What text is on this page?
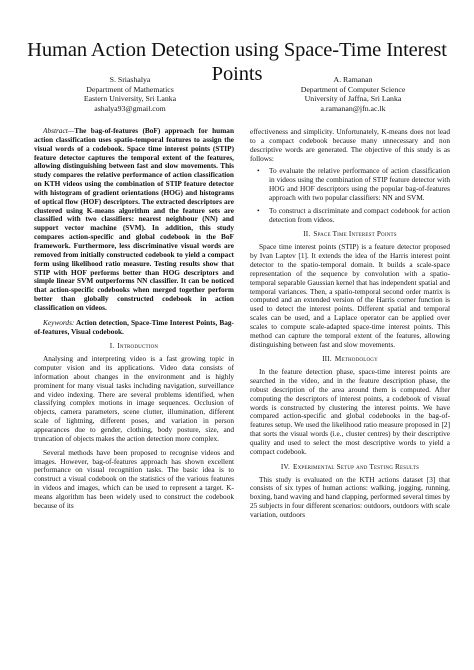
Human Action Detection using Space-Time Interest Points
S. Sriashalya
Department of Mathematics
Eastern University, Sri Lanka
ashalya93@gmail.com
A. Ramanan
Department of Computer Science
University of Jaffna, Sri Lanka
a.ramanan@jfn.ac.lk

Abstract—The bag-of-features (BoF) approach for human action classification uses spatio-temporal features to assign the visual words of a codebook. Space time interest points (STIP) feature detector captures the temporal extent of the features, allowing distinguishing between fast and slow movements. This study compares the relative performance of action classification on KTH videos using the combination of STIP feature detector with histogram of gradient orientations (HOG) and histograms of optical flow (HOF) descriptors. The extracted descriptors are clustered using K-means algorithm and the feature sets are classified with two classifiers: nearest neighbour (NN) and support vector machine (SVM). In addition, this study compares action-specific and global codebook in the BoF framework. Furthermore, less discriminative visual words are removed from initially constructed codebook to yield a compact form using likelihood ratio measure. Testing results show that STIP with HOF performs better than HOG descriptors and simple linear SVM outperforms NN classifier. It can be noticed that action-specific codebooks when merged together perform better than globally constructed codebook in action classification on videos.

Keywords: Action detection, Space-Time Interest Points, Bag-of-features, Visual codebook.

I. Introduction

Analysing and interpreting video is a fast growing topic in computer vision and its applications. Video data consists of information about changes in the environment and is highly prominent for many visual tasks including navigation, surveillance and video indexing. There are several problems identified, when classifying complex motions in image sequences. Occlusion of objects, camera parameters, scene clutter, illumination, different scale of lightning, different poses, and variation in person appearances due to gender, clothing, body posture, size, and truncation of objects makes the action detection more complex.

Several methods have been proposed to recognise videos and images. However, bag-of-features approach has shown excellent performance on visual recognition tasks. The basic idea is to construct a visual codebook on the statistics of the various features in videos and images, which can be used to represent a target. K-means algorithm has been widely used to construct the codebook because of its

effectiveness and simplicity. Unfortunately, K-means does not lead to a compact codebook because many unnecessary and non descriptive words are generated. The objective of this study is as follows:

• To evaluate the relative performance of action classification in videos using the combination of STIP feature detector with HOG and HOF descriptors using the popular bag-of-features approach with two popular classifiers: NN and SVM.
• To construct a discriminate and compact codebook for action detection from videos.
II. Space Time Interest Points

Space time interest points (STIP) is a feature detector proposed by Ivan Laptev [1]. It extends the idea of the Harris interest point detector to the spatio-temporal domain. It builds a scale-space representation of the sequence by convolution with a spatio-temporal separable Gaussian kernel that has independent spatial and temporal variances. Then, a spatio-temporal second order matrix is computed and an extended version of the Harris corner function is used to detect the interest points. Different spatial and temporal scales can be used, and a Laplace operator can be applied over scales to compute scale-adapted space-time interest points. This method can capture the temporal extent of the features, allowing distinguishing between fast and slow movements.

III. Methodology

In the feature detection phase, space-time interest points are searched in the video, and in the feature description phase, the robust description of the area around them is computed. After computing the descriptors of interest points, a codebook of visual words is constructed by clustering the interest points. We have compared action-specific and global codebooks in the bag-of-features setup. We used the likelihood ratio measure proposed in [2] that sorts the visual words (i.e., cluster centres) by their descriptive quality and used to select the most descriptive words to yield a compact codebook.

IV. Experimental Setup and Testing Results

This study is evaluated on the KTH actions dataset [3] that consists of six types of human actions: walking, jogging, running, boxing, hand waving and hand clapping, performed several times by 25 subjects in four different scenarios: outdoors, outdoors with scale variation, outdoors
